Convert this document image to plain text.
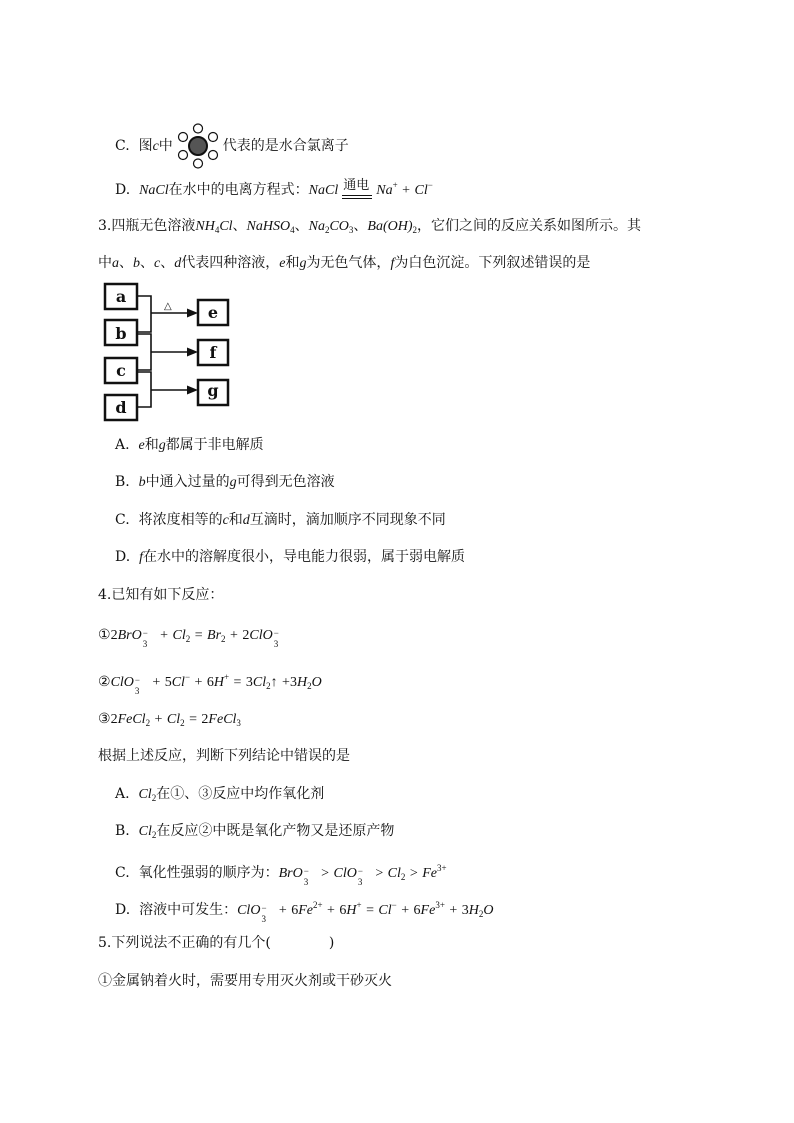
C. 图c中	代表的是水合氯离子
D. NaCl在水中的电离方程式：NaCl 通电 Na+ + Cl−
3.四瓶无色溶液$NH_4Cl$、NaHSO$_4$、$Na_2CO_3$、$Ba(OH)_2$，它们之间的反应关系如图所示。其
中a、b、c、d代表四种溶液，e和g为无色气体，f为白色沉淀。下列叙述错误的是
△
a
b
c
d
e
f
g
A. e和g都属于非电解质
B. b中通入过量的g可得到无色溶液
C. 将浓度相等的c和d互滴时，滴加顺序不同现象不同
D. f在水中的溶解度很小，导电能力很弱，属于弱电解质
4.已知有如下反应：
①2BrO −
3
+ $Cl_2 = Br_2 + 2ClO$ −
3
②ClO −
3
+ $5Cl^- + 6H^+ = 3Cl_2↑ +3H_2O$
③2FeCl$_2$ + $Cl_2$ = 2FeCl$_3$
根据上述反应，判断下列结论中错误的是
A. $Cl_2$在①、③反应中均作氧化剂
B. $Cl_2$在反应②中既是氧化产物又是还原产物
C. 氧化性强弱的顺序为：BrO −
3
> ClO −
3
> $Cl_2 > Fe^{3+}$
D. 溶液中可发生：ClO −
3
+ $6Fe^{2+} + 6H^+ = Cl^- + 6Fe^{3+} + 3H_2O$
5.下列说法不正确的有几个(	)
①金属钠着火时，需要用专用灭火剂或干砂灭火
